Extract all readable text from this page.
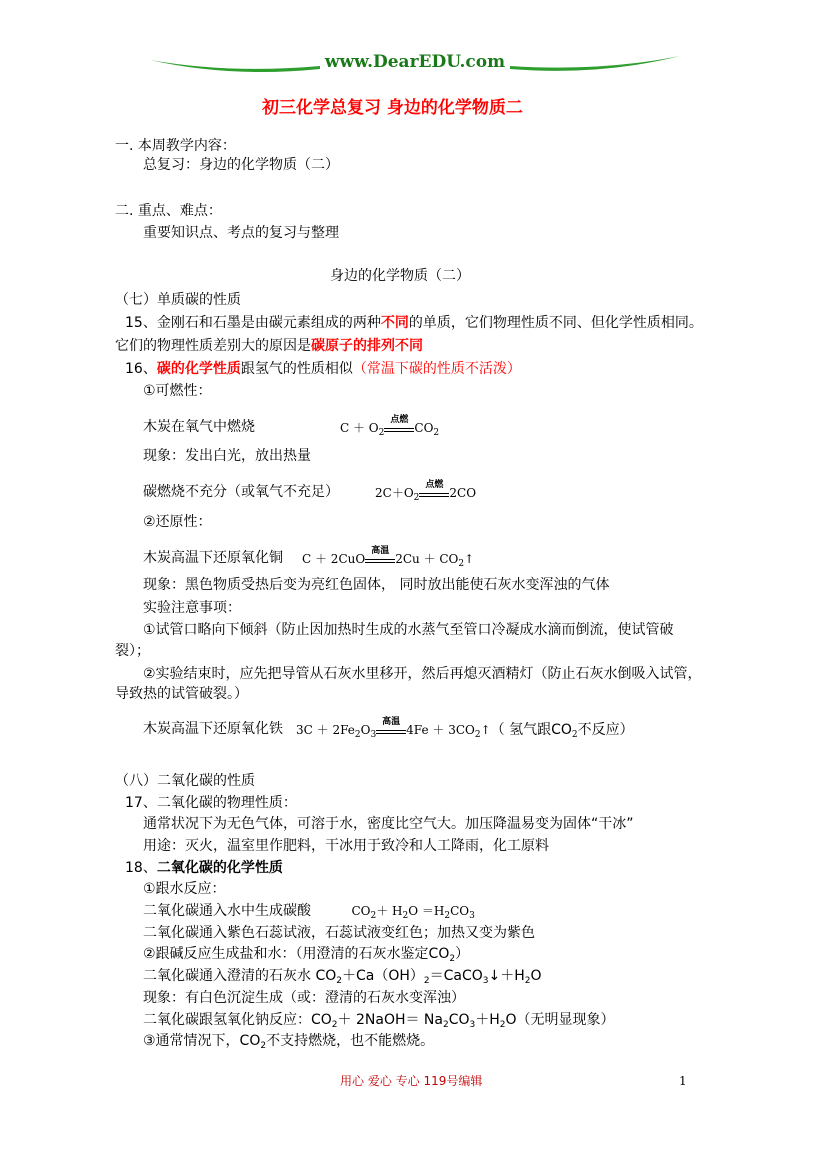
www.DearEDU.com
初三化学总复习 身边的化学物质二
一. 本周教学内容：
总复习：身边的化学物质（二）
二. 重点、难点：
重要知识点、考点的复习与整理
身边的化学物质（二）
（七）单质碳的性质
15、金刚石和石墨是由碳元素组成的两种不同的单质，它们物理性质不同、但化学性质相同。
它们的物理性质差别大的原因是碳原子的排列不同
16、碳的化学性质跟氢气的性质相似（常温下碳的性质不活泼）
①可燃性：
木炭在氧气中燃烧	$C + O_2$
点燃
$CO_2$
现象：发出白光，放出热量
碳燃烧不充分（或氧气不充足）	$2C+O_2$
点燃
2CO
②还原性：
木炭高温下还原氧化铜 C ＋ 2CuO
高温
$2Cu + CO_2↑$
现象：黑色物质受热后变为亮红色固体， 同时放出能使石灰水变浑浊的气体
实验注意事项：
①试管口略向下倾斜（防止因加热时生成的水蒸气至管口冷凝成水滴而倒流，使试管破
裂）；
②实验结束时，应先把导管从石灰水里移开，然后再熄灭酒精灯（防止石灰水倒吸入试管，
导致热的试管破裂。）
木炭高温下还原氧化铁 $3C + 2Fe_2O_3$
高温
$4Fe + 3CO_2↑$（ 氢气跟$CO_2$不反应）
（八）二氧化碳的性质
17、二氧化碳的物理性质：
通常状况下为无色气体，可溶于水，密度比空气大。加压降温易变为固体“干冰”
用途：灭火，温室里作肥料，干冰用于致冷和人工降雨，化工原料
18、二氧化碳的化学性质
①跟水反应：
二氧化碳通入水中生成碳酸	$CO_2+ H_2O =H_2CO_3$
二氧化碳通入紫色石蕊试液，石蕊试液变红色；加热又变为紫色
②跟碱反应生成盐和水：（用澄清的石灰水鉴定$CO_2$）
二氧化碳通入澄清的石灰水 $CO_2+Ca(OH)_2=CaCO_3↓+H_2O$
现象：有白色沉淀生成（或：澄清的石灰水变浑浊）
二氧化碳跟氢氧化钠反应：$CO_2+$ 2NaOH＝ $Na_2CO_3+H_2O$（无明显现象）
③通常情况下，$CO_2$不支持燃烧，也不能燃烧。
用心 爱心 专心 119号编辑	1
